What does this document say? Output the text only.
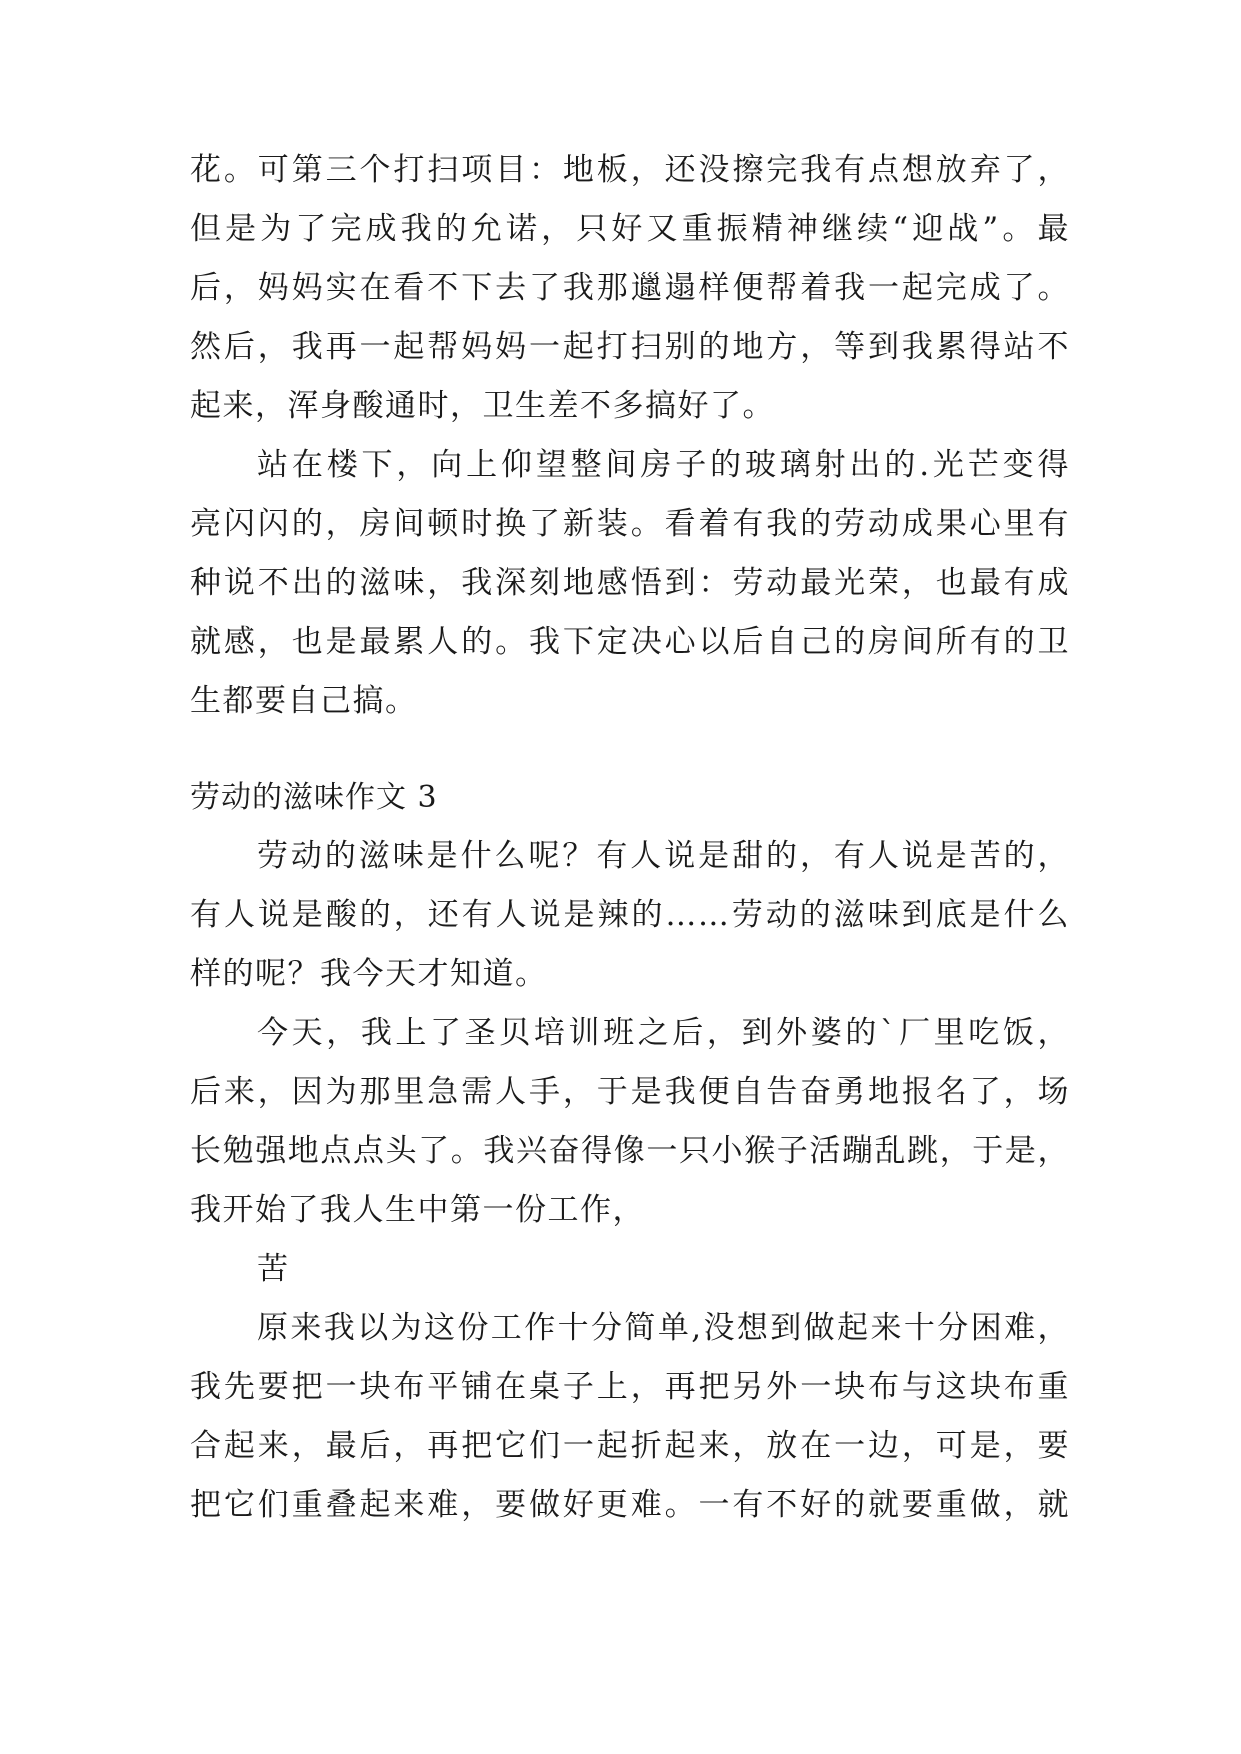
花。可第三个打扫项目：地板，还没擦完我有点想放弃了，
但是为了完成我的允诺，只好又重振精神继续“迎战”。最
后，妈妈实在看不下去了我那邋遢样便帮着我一起完成了。
然后，我再一起帮妈妈一起打扫别的地方，等到我累得站不
起来，浑身酸通时，卫生差不多搞好了。
站在楼下，向上仰望整间房子的玻璃射出的.光芒变得
亮闪闪的，房间顿时换了新装。看着有我的劳动成果心里有
种说不出的滋味，我深刻地感悟到：劳动最光荣，也最有成
就感，也是最累人的。我下定决心以后自己的房间所有的卫
生都要自己搞。
劳动的滋味作文 3
劳动的滋味是什么呢？有人说是甜的，有人说是苦的，
有人说是酸的，还有人说是辣的……劳动的滋味到底是什么
样的呢？我今天才知道。
今天，我上了圣贝培训班之后，到外婆的`厂里吃饭，
后来，因为那里急需人手，于是我便自告奋勇地报名了，场
长勉强地点点头了。我兴奋得像一只小猴子活蹦乱跳，于是，
我开始了我人生中第一份工作，
苦
原来我以为这份工作十分简单,没想到做起来十分困难，
我先要把一块布平铺在桌子上，再把另外一块布与这块布重
合起来，最后，再把它们一起折起来，放在一边，可是，要
把它们重叠起来难，要做好更难。一有不好的就要重做，就
